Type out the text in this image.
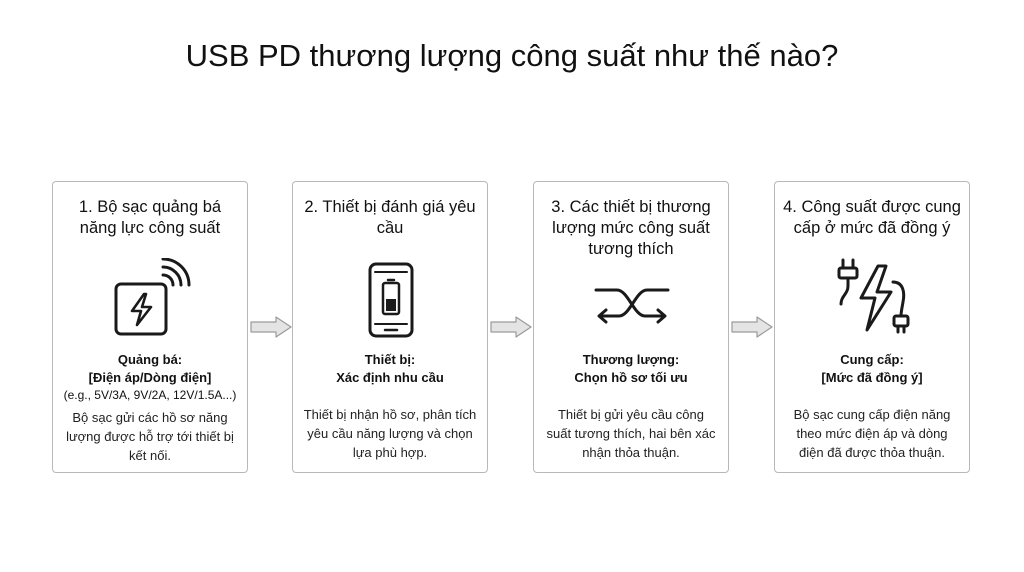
USB PD thương lượng công suất như thế nào?
1. Bộ sạc quảng bá năng lực công suất
Quảng bá:
[Điện áp/Dòng điện]
(e.g., 5V/3A, 9V/2A, 12V/1.5A...)
Bộ sạc gửi các hồ sơ năng lượng được hỗ trợ tới thiết bị kết nối.
2. Thiết bị đánh giá yêu cầu
Thiết bị:
Xác định nhu cầu
Thiết bị nhận hồ sơ, phân tích yêu cầu năng lượng và chọn lựa phù hợp.
3. Các thiết bị thương lượng mức công suất tương thích
Thương lượng:
Chọn hồ sơ tối ưu
Thiết bị gửi yêu cầu công suất tương thích, hai bên xác nhận thỏa thuận.
4. Công suất được cung cấp ở mức đã đồng ý
Cung cấp:
[Mức đã đồng ý]
Bộ sạc cung cấp điện năng theo mức điện áp và dòng điện đã được thỏa thuận.
